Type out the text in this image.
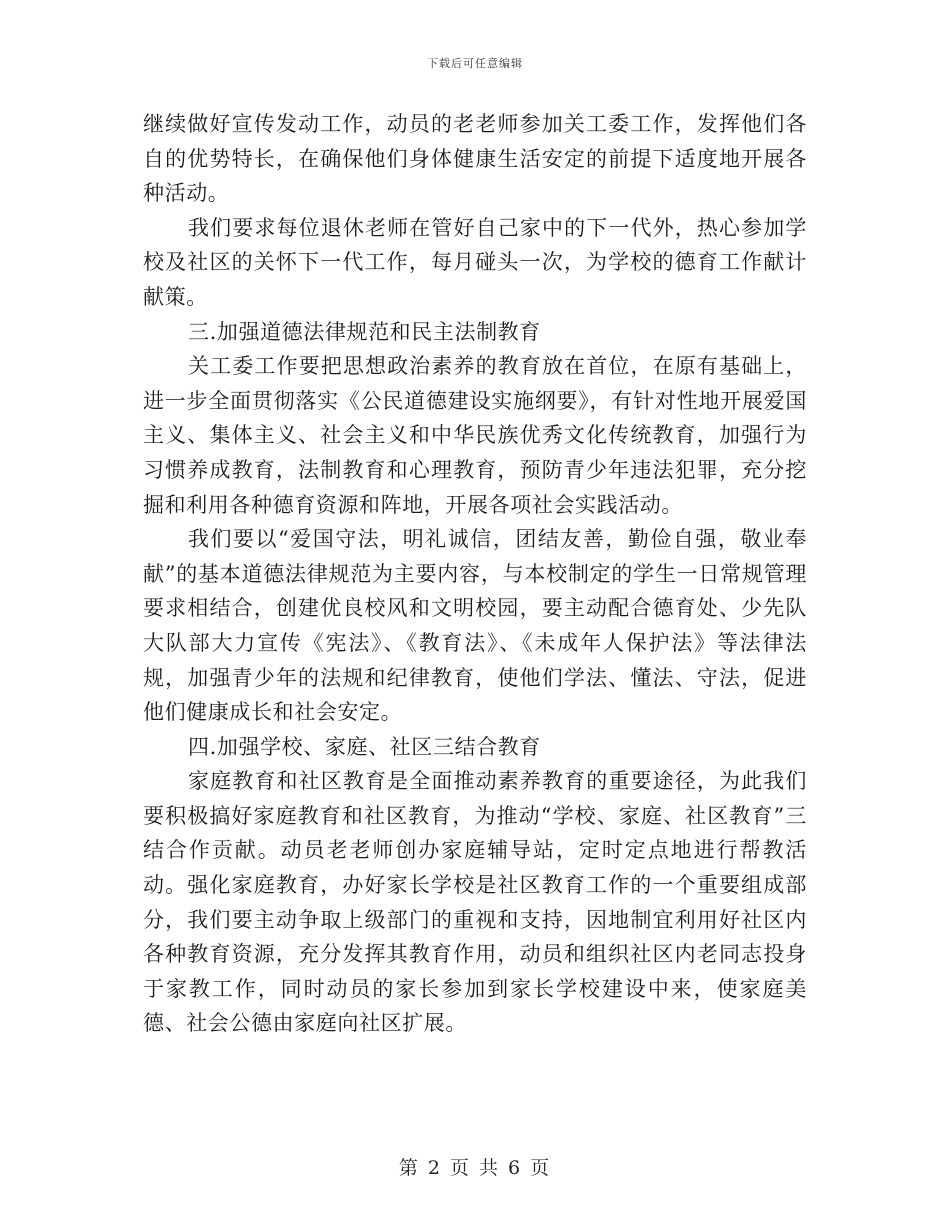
下载后可任意编辑

继续做好宣传发动工作，动员的老老师参加关工委工作，发挥他们各自的优势特长，在确保他们身体健康生活安定的前提下适度地开展各种活动。

我们要求每位退休老师在管好自己家中的下一代外，热心参加学校及社区的关怀下一代工作，每月碰头一次，为学校的德育工作献计献策。

三.加强道德法律规范和民主法制教育

关工委工作要把思想政治素养的教育放在首位，在原有基础上，进一步全面贯彻落实《公民道德建设实施纲要》，有针对性地开展爱国主义、集体主义、社会主义和中华民族优秀文化传统教育，加强行为习惯养成教育，法制教育和心理教育，预防青少年违法犯罪，充分挖掘和利用各种德育资源和阵地，开展各项社会实践活动。

我们要以“爱国守法，明礼诚信，团结友善，勤俭自强，敬业奉献”的基本道德法律规范为主要内容，与本校制定的学生一日常规管理要求相结合，创建优良校风和文明校园，要主动配合德育处、少先队大队部大力宣传《宪法》、《教育法》、《未成年人保护法》等法律法规，加强青少年的法规和纪律教育，使他们学法、懂法、守法，促进他们健康成长和社会安定。

四.加强学校、家庭、社区三结合教育

家庭教育和社区教育是全面推动素养教育的重要途径，为此我们要积极搞好家庭教育和社区教育，为推动“学校、家庭、社区教育”三结合作贡献。动员老老师创办家庭辅导站，定时定点地进行帮教活动。强化家庭教育，办好家长学校是社区教育工作的一个重要组成部分，我们要主动争取上级部门的重视和支持，因地制宜利用好社区内各种教育资源，充分发挥其教育作用，动员和组织社区内老同志投身于家教工作，同时动员的家长参加到家长学校建设中来，使家庭美德、社会公德由家庭向社区扩展。

第 2 页 共 6 页
